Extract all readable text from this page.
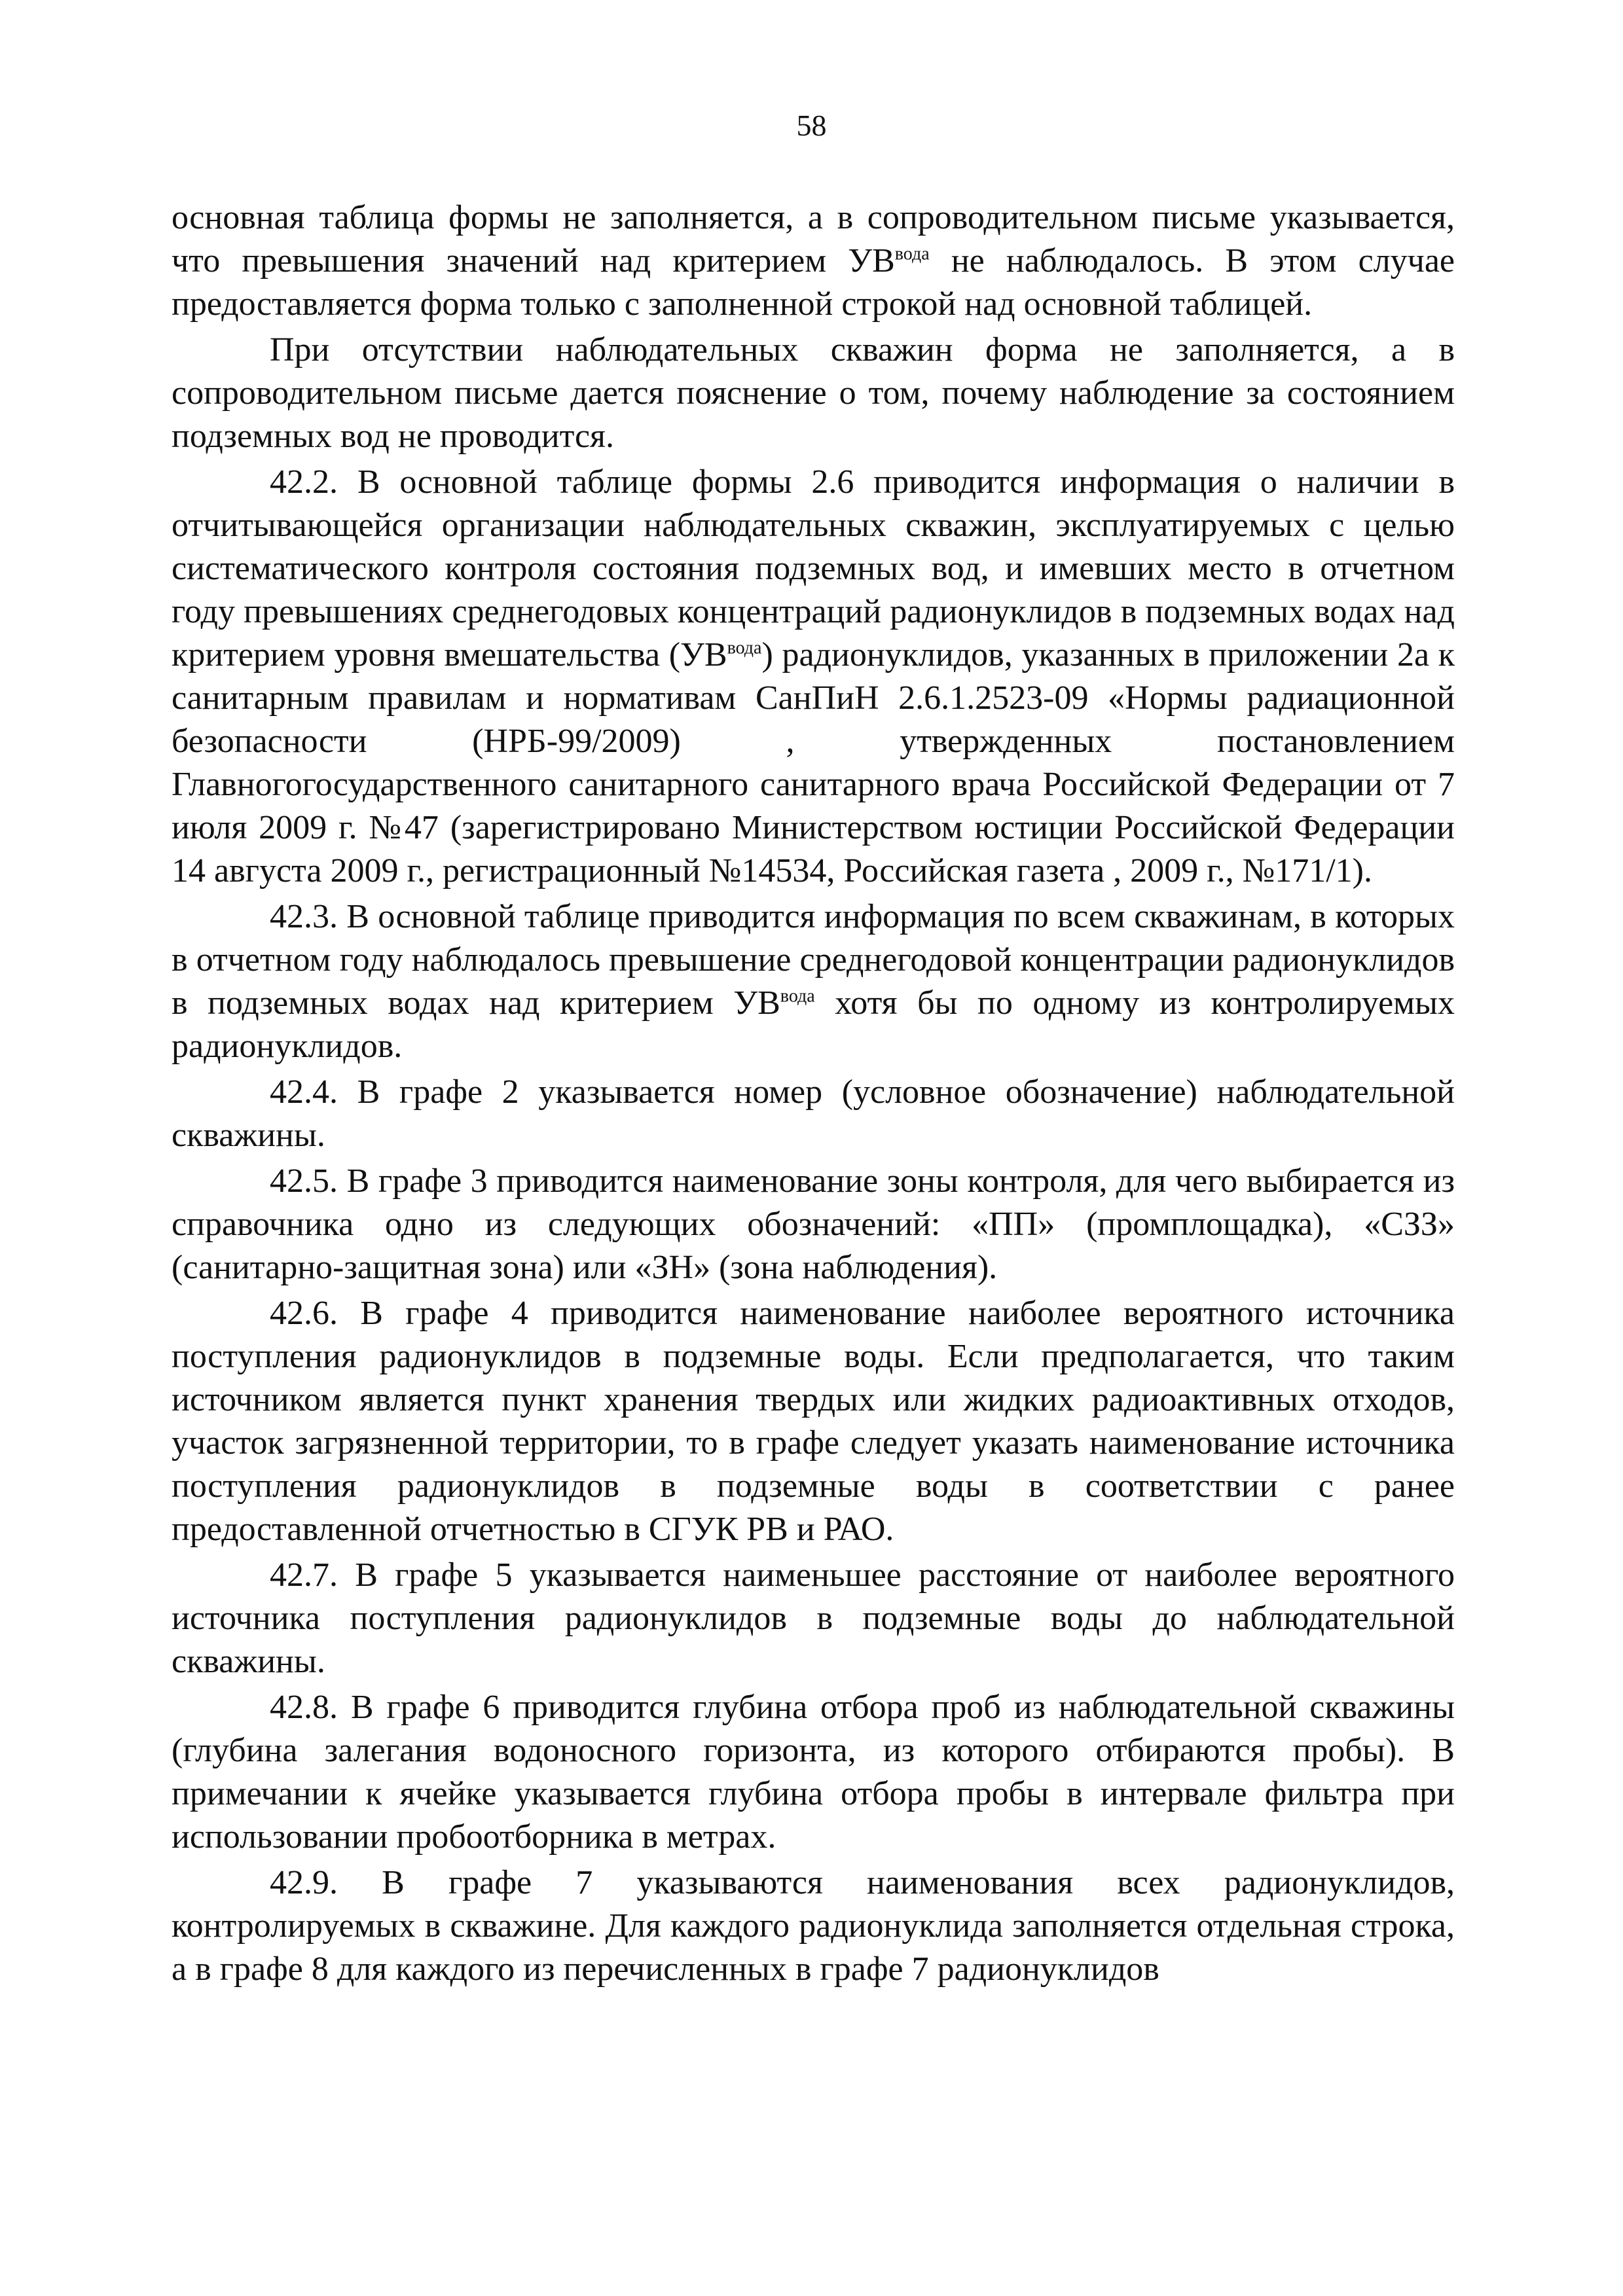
58

основная таблица формы не заполняется, а в сопроводительном письме указывается, что превышения значений над критерием $УВ^{вода}$ не наблюдалось. В этом случае предоставляется форма только с заполненной строкой над основной таблицей.

При отсутствии наблюдательных скважин форма не заполняется, а в сопроводительном письме дается пояснение о том, почему наблюдение за состоянием подземных вод не проводится.

42.2. В основной таблице формы 2.6 приводится информация о наличии в отчитывающейся организации наблюдательных скважин, эксплуатируемых с целью систематического контроля состояния подземных вод, и имевших место в отчетном году превышениях среднегодовых концентраций радионуклидов в подземных водах над критерием уровня вмешательства $(УВ^{вода})$ радионуклидов, указанных в приложении 2а к санитарным правилам и нормативам СанПиН 2.6.1.2523-09 «Нормы радиационной безопасности (НРБ-99/2009) , утвержденных постановлением Главногогосударственного санитарного санитарного врача Российской Федерации от 7 июля 2009 г. №47 (зарегистрировано Министерством юстиции Российской Федерации 14 августа 2009 г., регистрационный №14534, Российская газета , 2009 г., №171/1).

42.3. В основной таблице приводится информация по всем скважинам, в которых в отчетном году наблюдалось превышение среднегодовой концентрации радионуклидов в подземных водах над критерием $УВ^{вода}$ хотя бы по одному из контролируемых радионуклидов.

42.4. В графе 2 указывается номер (условное обозначение) наблюдательной скважины.

42.5. В графе 3 приводится наименование зоны контроля, для чего выбирается из справочника одно из следующих обозначений: «ПП» (промплощадка), «СЗЗ» (санитарно-защитная зона) или «ЗН» (зона наблюдения).

42.6. В графе 4 приводится наименование наиболее вероятного источника поступления радионуклидов в подземные воды. Если предполагается, что таким источником является пункт хранения твердых или жидких радиоактивных отходов, участок загрязненной территории, то в графе следует указать наименование источника поступления радионуклидов в подземные воды в соответствии с ранее предоставленной отчетностью в СГУК РВ и РАО.

42.7. В графе 5 указывается наименьшее расстояние от наиболее вероятного источника поступления радионуклидов в подземные воды до наблюдательной скважины.

42.8. В графе 6 приводится глубина отбора проб из наблюдательной скважины (глубина залегания водоносного горизонта, из которого отбираются пробы). В примечании к ячейке указывается глубина отбора пробы в интервале фильтра при использовании пробоотборника в метрах.

42.9. В графе 7 указываются наименования всех радионуклидов, контролируемых в скважине. Для каждого радионуклида заполняется отдельная строка, а в графе 8 для каждого из перечисленных в графе 7 радионуклидов
